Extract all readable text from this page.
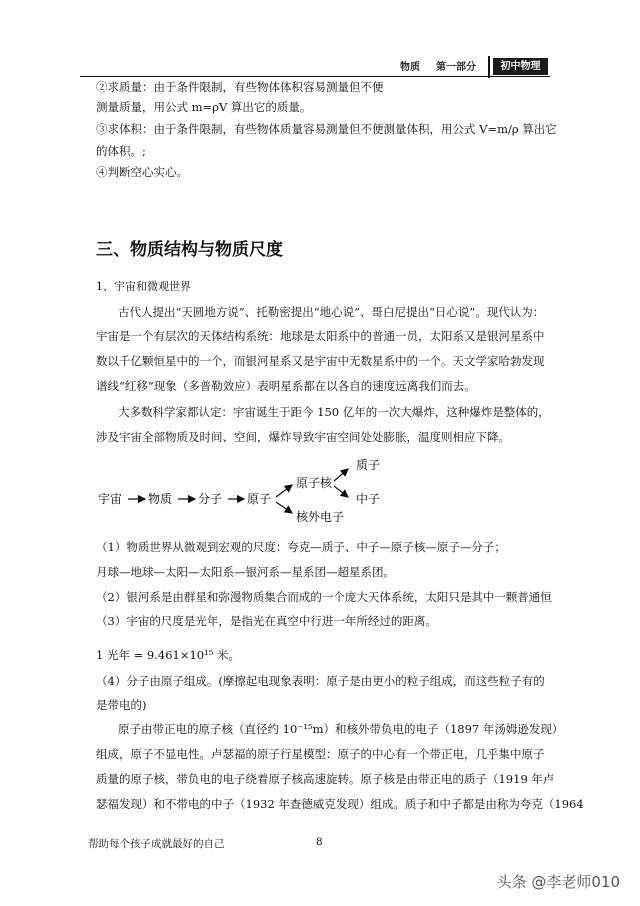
物质 第一部分	初中物理
②求质量：由于条件限制，有些物体体积容易测量但不便
测量质量，用公式 m=ρV 算出它的质量。
③求体积：由于条件限制，有些物体质量容易测量但不便测量体积，用公式 V=m/ρ 算出它
的体积。;
④判断空心实心。
三、物质结构与物质尺度
1、宇宙和微观世界
古代人提出“天圆地方说”、托勒密提出“地心说”、哥白尼提出“日心说”。现代认为：
宇宙是一个有层次的天体结构系统：地球是太阳系中的普通一员，太阳系又是银河星系中
数以千亿颗恒星中的一个，而银河星系又是宇宙中无数星系中的一个。天文学家哈勃发现
谱线“红移”现象（多普勒效应）表明星系都在以各自的速度远离我们而去。
大多数科学家都认定：宇宙诞生于距今 150 亿年的一次大爆炸，这种爆炸是整体的，
涉及宇宙全部物质及时间、空间，爆炸导致宇宙空间处处膨胀，温度则相应下降。
宇宙 物质 分子 原子
原子核
核外电子
质子
中子
（1）物质世界从微观到宏观的尺度：夸克—质子、中子—原子核—原子—分子；
月球—地球—太阳—太阳系—银河系—星系团—超星系团。
（2）银河系是由群星和弥漫物质集合而成的一个庞大天体系统，太阳只是其中一颗普通恒
（3）宇宙的尺度是光年，是指光在真空中行进一年所经过的距离。
1 光年 = 9.461×10¹⁵ 米。
（4）分子由原子组成。(摩擦起电现象表明：原子是由更小的粒子组成，而这些粒子有的
是带电的)
原子由带正电的原子核（直径约 10⁻¹⁵m）和核外带负电的电子（1897 年汤姆逊发现）
组成，原子不显电性。卢瑟福的原子行星模型：原子的中心有一个带正电，几乎集中原子
质量的原子核，带负电的电子绕着原子核高速旋转。原子核是由带正电的质子（1919 年卢
瑟福发现）和不带电的中子（1932 年查德威克发现）组成。质子和中子都是由称为夸克（1964
帮助每个孩子成就最好的自己	8
头条 @李老师010
